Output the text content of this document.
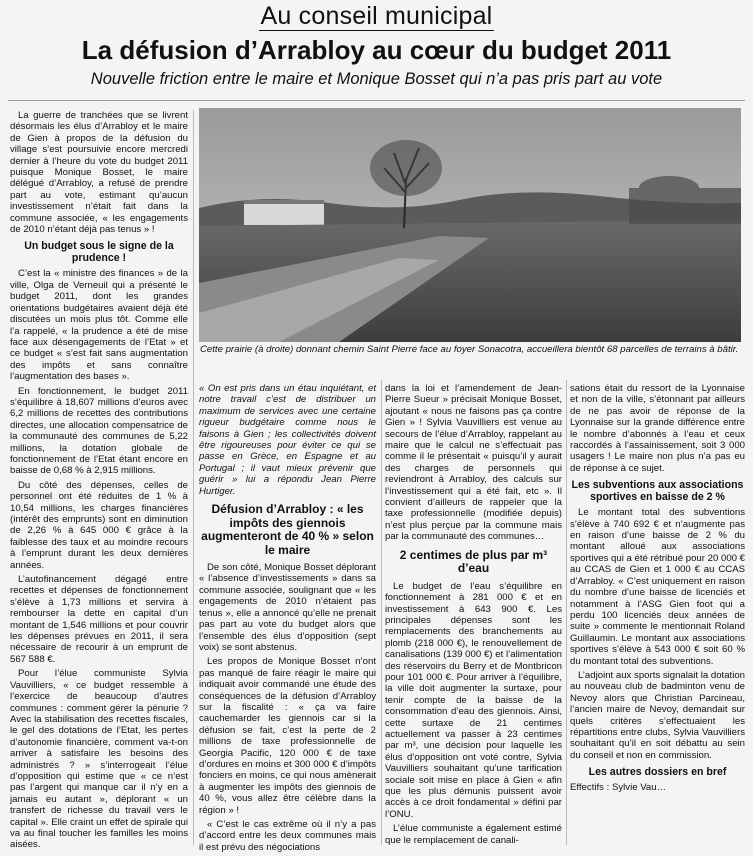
Au conseil municipal
La défusion d’Arrabloy au cœur du budget 2011
Nouvelle friction entre le maire et Monique Bosset qui n’a pas pris part au vote

La guerre de tranchées que se livrent désormais les élus d’Arrabloy et le maire de Gien à propos de la défusion du village s’est poursuivie encore mercredi dernier à l’heure du vote du budget 2011 puisque Monique Bosset, le maire délégué d’Arrabloy, a refusé de prendre part au vote, estimant qu’aucun investissement n’était fait dans la commune associée, « les engagements de 2010 n’étant déjà pas tenus » !

Un budget sous le signe de la prudence !

C’est la « ministre des finances » de la ville, Olga de Verneuil qui a présenté le budget 2011, dont les grandes orientations budgétaires avaient déjà été discutées un mois plus tôt. Comme elle l’a rappelé, « la prudence a été de mise face aux désengagements de l’Etat » et ce budget « s’est fait sans augmentation des impôts et sans connaître l’augmentation des bases ».

En fonctionnement, le budget 2011 s’équilibre à 18,607 millions d’euros avec 6,2 millions de recettes des contributions directes, une allocation compensatrice de la communauté des communes de 5,22 millions, la dotation globale de fonctionnement de l’Etat étant encore en baisse de 0,68 % à 2,915 millions.

Du côté des dépenses, celles de personnel ont été réduites de 1 % à 10,54 millions, les charges financières (intérêt des emprunts) sont en diminution de 2,26 % à 645 000 € grâce à la faiblesse des taux et au moindre recours à l’emprunt durant les deux dernières années.

L’autofinancement dégagé entre recettes et dépenses de fonctionnement s’élève à 1,73 millions et servira à rembourser la dette en capital d’un montant de 1,546 millions et pour couvrir les dépenses prévues en 2011, il sera nécessaire de recourir à un emprunt de 567 588 €.

Pour l’élue communiste Sylvia Vauvilliers, « ce budget ressemble à l’exercice de beaucoup d’autres communes : comment gérer la pénurie ? Avec la stabilisation des recettes fiscales, le gel des dotations de l’Etat, les pertes d’autonomie financière, comment va-t-on arriver à satisfaire les besoins des administrés ? » s’interrogeait l’élue d’opposition qui estime que « ce n’est pas l’argent qui manque car il n’y en a jamais eu autant », déplorant « un transfert de richesse du travail vers le capital ». Elle craint un effet de spirale qui va au final toucher les familles les moins aisées.

Cette prairie (à droite) donnant chemin Saint Pierre face au foyer Sonacotra, accueillera bientôt 68 parcelles de terrains à bâtir.

« On est pris dans un étau inquiétant, et notre travail c’est de distribuer un maximum de services avec une certaine rigueur budgétaire comme nous le faisons à Gien ; les collectivités doivent être rigoureuses pour éviter ce qui se passe en Grèce, en Espagne et au Portugal ; il vaut mieux prévenir que guérir » lui a répondu Jean Pierre Hurtiger.

Défusion d’Arrabloy : « les impôts des giennois augmenteront de 40 % » selon le maire

De son côté, Monique Bosset déplorant « l’absence d’investissements » dans sa commune associée, soulignant que « les engagements de 2010 n’étaient pas tenus », elle a annoncé qu’elle ne prenait pas part au vote du budget alors que l’ensemble des élus d’opposition (sept voix) se sont abstenus.

Les propos de Monique Bosset n’ont pas manqué de faire réagir le maire qui indiquait avoir commandé une étude des conséquences de la défusion d’Arrabloy sur la fiscalité : « ça va faire cauchemarder les giennois car si la défusion se fait, c’est la perte de 2 millions de taxe professionnelle de Georgia Pacific, 120 000 € de taxe d’ordures en moins et 300 000 € d’impôts fonciers en moins, ce qui nous amènerait à augmenter les impôts des giennois de 40 %, vous allez être célèbre dans la région » !

« C’est le cas extrême où il n’y a pas d’accord entre les deux communes mais il est prévu des négociations

dans la loi et l’amendement de Jean-Pierre Sueur » précisait Monique Bosset, ajoutant « nous ne faisons pas ça contre Gien » ! Sylvia Vauvilliers est venue au secours de l’élue d’Arrabloy, rappelant au maire que le calcul ne s’effectuait pas comme il le présentait « puisqu’il y aurait des charges de personnels qui reviendront à Arrabloy, des calculs sur l’investissement qui a été fait, etc ». Il convient d’ailleurs de rappeler que la taxe professionnelle (modifiée depuis) n’est plus perçue par la commune mais par la communauté des communes…

2 centimes de plus par m³ d’eau

Le budget de l’eau s’équilibre en fonctionnement à 281 000 € et en investissement à 643 900 €. Les principales dépenses sont les remplacements des branchements au plomb (218 000 €), le renouvellement de canalisations (139 000 €) et l’alimentation des réservoirs du Berry et de Montbricon pour 101 000 €. Pour arriver à l’équilibre, la ville doit augmenter la surtaxe, pour tenir compte de la baisse de la consommation d’eau des giennois. Ainsi, cette surtaxe de 21 centimes actuellement va passer à 23 centimes par m³, une décision pour laquelle les élus d’opposition ont voté contre, Sylvia Vauvilliers souhaitant qu’une tarification sociale soit mise en place à Gien « afin que les plus démunis puissent avoir accès à ce droit fondamental » défini par l’ONU.

L’élue communiste a également estimé que le remplacement de canali-

sations était du ressort de la Lyonnaise et non de la ville, s’étonnant par ailleurs de ne pas avoir de réponse de la Lyonnaise sur la grande différence entre le nombre d’abonnés à l’eau et ceux raccordés à l’assainissement, soit 3 000 usagers ! Le maire non plus n’a pas eu de réponse à ce sujet.

Les subventions aux associations sportives en baisse de 2 %

Le montant total des subventions s’élève à 740 692 € et n’augmente pas en raison d’une baisse de 2 % du montant alloué aux associations sportives qui a été rétribué pour 20 000 € au CCAS de Gien et 1 000 € au CCAS d’Arrabloy. « C’est uniquement en raison du nombre d’une baisse de licenciés et notamment à l’ASG Gien foot qui a perdu 100 licenciés deux années de suite » commente le mentionnait Roland Guillaumin. Le montant aux associations sportives s’élève à 543 000 € soit 60 % du montant total des subventions.

L’adjoint aux sports signalait la dotation au nouveau club de badminton venu de Nevoy alors que Christian Parcineau, l’ancien maire de Nevoy, demandait sur quels critères s’effectuaient les répartitions entre clubs, Sylvia Vauvilliers souhaitant qu’il en soit débattu au sein du conseil et non en commission.

Les autres dossiers en bref

Effectifs : Sylvie Vau…
